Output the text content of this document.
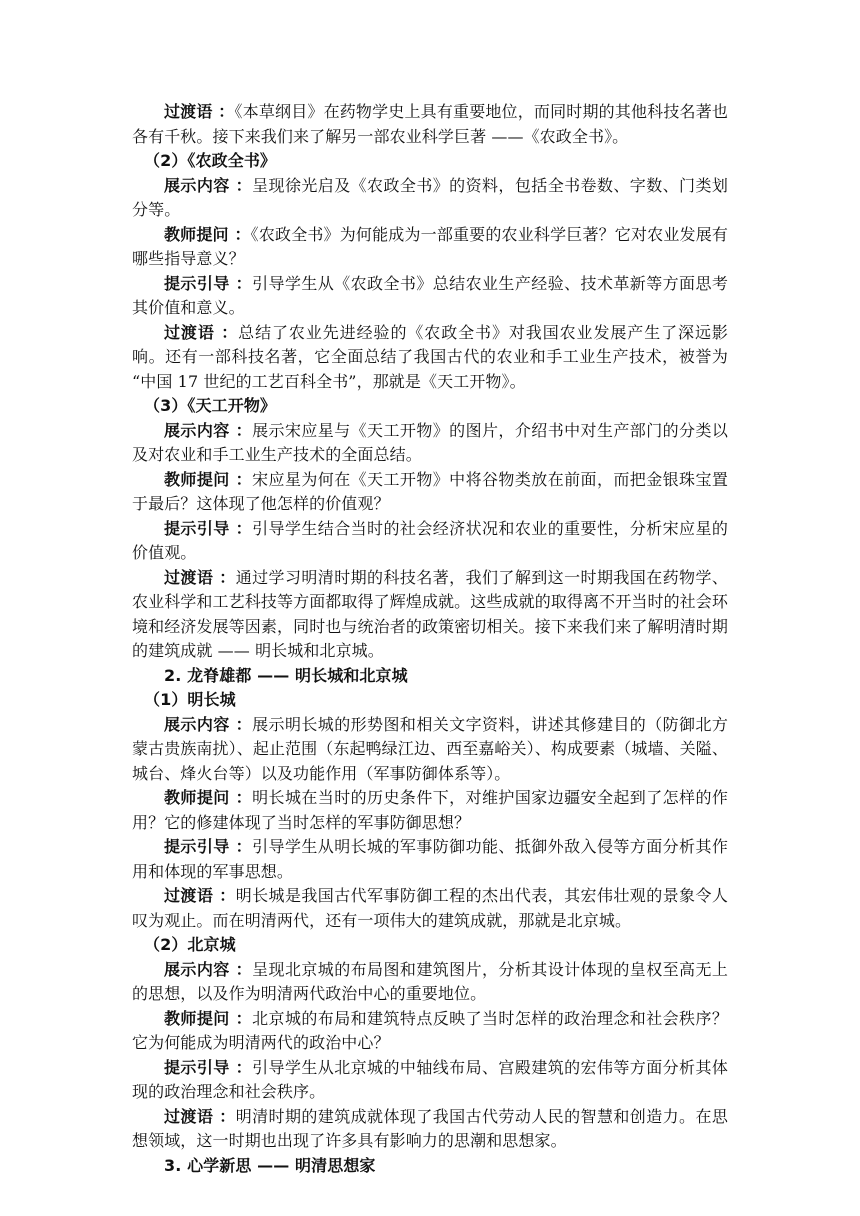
过渡语 ：《本草纲目》在药物学史上具有重要地位，而同时期的其他科技名著也各有千秋。接下来我们来了解另一部农业科学巨著 ——《农政全书》。

（2）《农政全书》

展示内容 ：呈现徐光启及《农政全书》的资料，包括全书卷数、字数、门类划分等。

教师提问 ：《农政全书》为何能成为一部重要的农业科学巨著？它对农业发展有哪些指导意义？

提示引导 ：引导学生从《农政全书》总结农业生产经验、技术革新等方面思考其价值和意义。

过渡语 ：总结了农业先进经验的《农政全书》对我国农业发展产生了深远影响。还有一部科技名著，它全面总结了我国古代的农业和手工业生产技术，被誉为 “中国 17 世纪的工艺百科全书”，那就是《天工开物》。

（3）《天工开物》

展示内容 ：展示宋应星与《天工开物》的图片，介绍书中对生产部门的分类以及对农业和手工业生产技术的全面总结。

教师提问 ：宋应星为何在《天工开物》中将谷物类放在前面，而把金银珠宝置于最后？这体现了他怎样的价值观？

提示引导 ：引导学生结合当时的社会经济状况和农业的重要性，分析宋应星的价值观。

过渡语 ：通过学习明清时期的科技名著，我们了解到这一时期我国在药物学、农业科学和工艺科技等方面都取得了辉煌成就。这些成就的取得离不开当时的社会环境和经济发展等因素，同时也与统治者的政策密切相关。接下来我们来了解明清时期的建筑成就 —— 明长城和北京城。

2. 龙脊雄都 —— 明长城和北京城

（1）明长城

展示内容 ：展示明长城的形势图和相关文字资料，讲述其修建目的（防御北方蒙古贵族南扰）、起止范围（东起鸭绿江边、西至嘉峪关）、构成要素（城墙、关隘、城台、烽火台等）以及功能作用（军事防御体系等）。

教师提问 ：明长城在当时的历史条件下，对维护国家边疆安全起到了怎样的作用？它的修建体现了当时怎样的军事防御思想？

提示引导 ：引导学生从明长城的军事防御功能、抵御外敌入侵等方面分析其作用和体现的军事思想。

过渡语 ：明长城是我国古代军事防御工程的杰出代表，其宏伟壮观的景象令人叹为观止。而在明清两代，还有一项伟大的建筑成就，那就是北京城。

（2）北京城

展示内容 ：呈现北京城的布局图和建筑图片，分析其设计体现的皇权至高无上的思想，以及作为明清两代政治中心的重要地位。

教师提问 ：北京城的布局和建筑特点反映了当时怎样的政治理念和社会秩序？它为何能成为明清两代的政治中心？

提示引导 ：引导学生从北京城的中轴线布局、宫殿建筑的宏伟等方面分析其体现的政治理念和社会秩序。

过渡语 ：明清时期的建筑成就体现了我国古代劳动人民的智慧和创造力。在思想领域，这一时期也出现了许多具有影响力的思潮和思想家。

3. 心学新思 —— 明清思想家
